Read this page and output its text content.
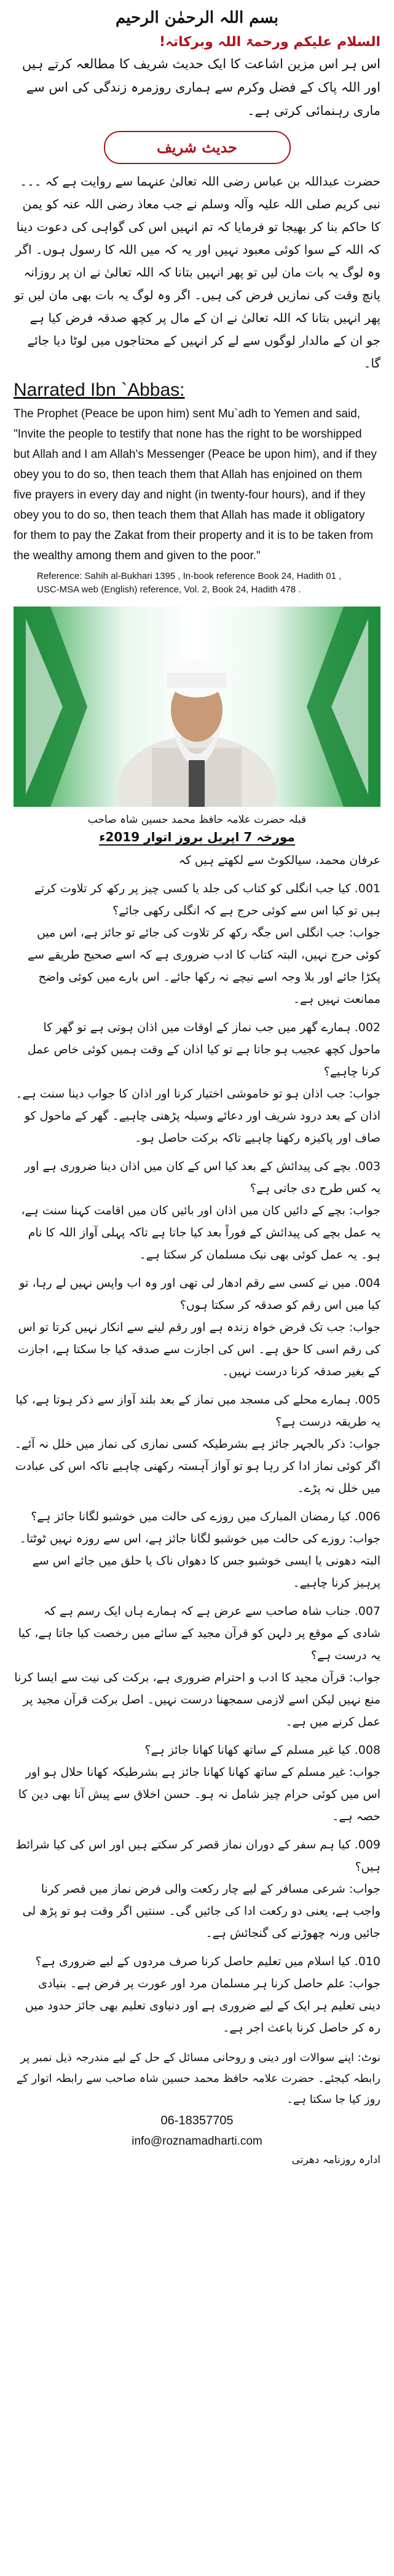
بسم اللہ الرحمٰن الرحیم
السلام علیکم ورحمۃ اللہ وبرکاتہ!
اس ہر اس مزین اشاعت کا ایک حدیث شریف کا مطالعہ کرتے ہیں اور اللہ پاک کے فضل وکرم سے ہماری روزمرہ زندگی کی اس سے ماری رہنمائی کرتی ہے۔
حدیث شریف
حضرت عبداللہ بن عباس رضی اللہ تعالیٰ عنہما سے روایت ہے کہ ۔۔۔ نبی کریم صلی اللہ علیہ وآلہ وسلم نے جب معاذ رضی اللہ عنہ کو یمن کا حاکم بنا کر بھیجا تو فرمایا کہ تم انہیں اس کی گواہی کی دعوت دینا کہ اللہ کے سوا کوئی معبود نہیں اور یہ کہ میں اللہ کا رسول ہوں۔ اگر وہ لوگ یہ بات مان لیں تو پھر انہیں بتانا کہ اللہ تعالیٰ نے ان پر روزانہ پانچ وقت کی نمازیں فرض کی ہیں۔ اگر وہ لوگ یہ بات بھی مان لیں تو پھر انہیں بتانا کہ اللہ تعالیٰ نے ان کے مال پر کچھ صدقہ فرض کیا ہے جو ان کے مالدار لوگوں سے لے کر انہیں کے محتاجوں میں لوٹا دیا جائے گا۔
Narrated Ibn `Abbas:
The Prophet (Peace be upon him) sent Mu`adh to Yemen and said, "Invite the people to testify that none has the right to be worshipped but Allah and I am Allah's Messenger (Peace be upon him), and if they obey you to do so, then teach them that Allah has enjoined on them five prayers in every day and night (in twenty-four hours), and if they obey you to do so, then teach them that Allah has made it obligatory for them to pay the Zakat from their property and it is to be taken from the wealthy among them and given to the poor."
Reference: Sahih al-Bukhari 1395 , In-book reference Book 24, Hadith 01 ,
USC-MSA web (English) reference, Vol. 2, Book 24, Hadith 478 .
قبلہ حضرت علامہ حافظ محمد حسین شاہ صاحب
مورخہ 7 اپریل بروز اتوار 2019ء

عرفان محمد، سیالکوٹ سے لکھتے ہیں کہ

001. کیا جب انگلی کو کتاب کی جلد یا کسی چیز پر رکھ کر تلاوت کرتے ہیں تو کیا اس سے کوئی حرج ہے کہ انگلی رکھی جائے؟

جواب: جب انگلی اس جگہ رکھ کر تلاوت کی جائے تو جائز ہے، اس میں کوئی حرج نہیں، البتہ کتاب کا ادب ضروری ہے کہ اسے صحیح طریقے سے پکڑا جائے اور بلا وجہ اسے نیچے نہ رکھا جائے۔ اس بارے میں کوئی واضح ممانعت نہیں ہے۔

002. ہمارے گھر میں جب نماز کے اوقات میں اذان ہوتی ہے تو گھر کا ماحول کچھ عجیب ہو جاتا ہے تو کیا اذان کے وقت ہمیں کوئی خاص عمل کرنا چاہیے؟

جواب: جب اذان ہو تو خاموشی اختیار کرنا اور اذان کا جواب دینا سنت ہے۔ اذان کے بعد درود شریف اور دعائے وسیلہ پڑھنی چاہیے۔ گھر کے ماحول کو صاف اور پاکیزہ رکھنا چاہیے تاکہ برکت حاصل ہو۔

003. بچے کی پیدائش کے بعد کیا اس کے کان میں اذان دینا ضروری ہے اور یہ کس طرح دی جاتی ہے؟

جواب: بچے کے دائیں کان میں اذان اور بائیں کان میں اقامت کہنا سنت ہے، یہ عمل بچے کی پیدائش کے فوراً بعد کیا جاتا ہے تاکہ پہلی آواز اللہ کا نام ہو۔ یہ عمل کوئی بھی نیک مسلمان کر سکتا ہے۔

004. میں نے کسی سے رقم ادھار لی تھی اور وہ اب واپس نہیں لے رہا، تو کیا میں اس رقم کو صدقہ کر سکتا ہوں؟

جواب: جب تک قرض خواہ زندہ ہے اور رقم لینے سے انکار نہیں کرتا تو اس کی رقم اسی کا حق ہے۔ اس کی اجازت سے صدقہ کیا جا سکتا ہے، اجازت کے بغیر صدقہ کرنا درست نہیں۔

005. ہمارے محلے کی مسجد میں نماز کے بعد بلند آواز سے ذکر ہوتا ہے، کیا یہ طریقہ درست ہے؟

جواب: ذکر بالجہر جائز ہے بشرطیکہ کسی نمازی کی نماز میں خلل نہ آئے۔ اگر کوئی نماز ادا کر رہا ہو تو آواز آہستہ رکھنی چاہیے تاکہ اس کی عبادت میں خلل نہ پڑے۔

006. کیا رمضان المبارک میں روزے کی حالت میں خوشبو لگانا جائز ہے؟

جواب: روزے کی حالت میں خوشبو لگانا جائز ہے، اس سے روزہ نہیں ٹوٹتا۔ البتہ دھونی یا ایسی خوشبو جس کا دھواں ناک یا حلق میں جائے اس سے پرہیز کرنا چاہیے۔

007. جناب شاہ صاحب سے عرض ہے کہ ہمارے ہاں ایک رسم ہے کہ شادی کے موقع پر دلہن کو قرآن مجید کے سائے میں رخصت کیا جاتا ہے، کیا یہ درست ہے؟

جواب: قرآن مجید کا ادب و احترام ضروری ہے، برکت کی نیت سے ایسا کرنا منع نہیں لیکن اسے لازمی سمجھنا درست نہیں۔ اصل برکت قرآن مجید پر عمل کرنے میں ہے۔

008. کیا غیر مسلم کے ساتھ کھانا کھانا جائز ہے؟

جواب: غیر مسلم کے ساتھ کھانا کھانا جائز ہے بشرطیکہ کھانا حلال ہو اور اس میں کوئی حرام چیز شامل نہ ہو۔ حسن اخلاق سے پیش آنا بھی دین کا حصہ ہے۔

009. کیا ہم سفر کے دوران نماز قصر کر سکتے ہیں اور اس کی کیا شرائط ہیں؟

جواب: شرعی مسافر کے لیے چار رکعت والی فرض نماز میں قصر کرنا واجب ہے، یعنی دو رکعت ادا کی جائیں گی۔ سنتیں اگر وقت ہو تو پڑھ لی جائیں ورنہ چھوڑنے کی گنجائش ہے۔

010. کیا اسلام میں تعلیم حاصل کرنا صرف مردوں کے لیے ضروری ہے؟

جواب: علم حاصل کرنا ہر مسلمان مرد اور عورت پر فرض ہے۔ بنیادی دینی تعلیم ہر ایک کے لیے ضروری ہے اور دنیاوی تعلیم بھی جائز حدود میں رہ کر حاصل کرنا باعث اجر ہے۔

نوٹ: اپنے سوالات اور دینی و روحانی مسائل کے حل کے لیے مندرجہ ذیل نمبر پر رابطہ کیجئے۔ حضرت علامہ حافظ محمد حسین شاہ صاحب سے رابطہ اتوار کے روز کیا جا سکتا ہے۔
06-18357705
info@roznamadharti.com
ادارہ روزنامہ دھرتی
